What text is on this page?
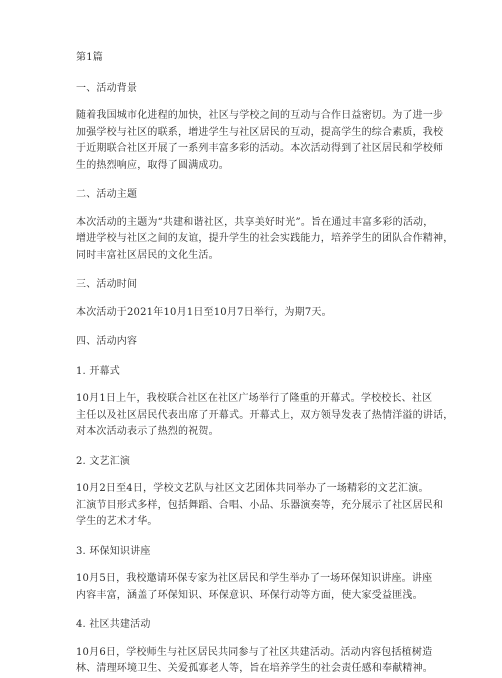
第1篇

一、活动背景

随着我国城市化进程的加快，社区与学校之间的互动与合作日益密切。为了进一步
加强学校与社区的联系，增进学生与社区居民的互动，提高学生的综合素质，我校
于近期联合社区开展了一系列丰富多彩的活动。本次活动得到了社区居民和学校师
生的热烈响应，取得了圆满成功。

二、活动主题

本次活动的主题为“共建和谐社区，共享美好时光”。旨在通过丰富多彩的活动，
增进学校与社区之间的友谊，提升学生的社会实践能力，培养学生的团队合作精神，
同时丰富社区居民的文化生活。

三、活动时间

本次活动于2021年10月1日至10月7日举行，为期7天。

四、活动内容

1. 开幕式

10月1日上午，我校联合社区在社区广场举行了隆重的开幕式。学校校长、社区
主任以及社区居民代表出席了开幕式。开幕式上，双方领导发表了热情洋溢的讲话，
对本次活动表示了热烈的祝贺。

2. 文艺汇演

10月2日至4日，学校文艺队与社区文艺团体共同举办了一场精彩的文艺汇演。
汇演节目形式多样，包括舞蹈、合唱、小品、乐器演奏等，充分展示了社区居民和
学生的艺术才华。

3. 环保知识讲座

10月5日，我校邀请环保专家为社区居民和学生举办了一场环保知识讲座。讲座
内容丰富，涵盖了环保知识、环保意识、环保行动等方面，使大家受益匪浅。

4. 社区共建活动

10月6日，学校师生与社区居民共同参与了社区共建活动。活动内容包括植树造
林、清理环境卫生、关爱孤寡老人等，旨在培养学生的社会责任感和奉献精神。
